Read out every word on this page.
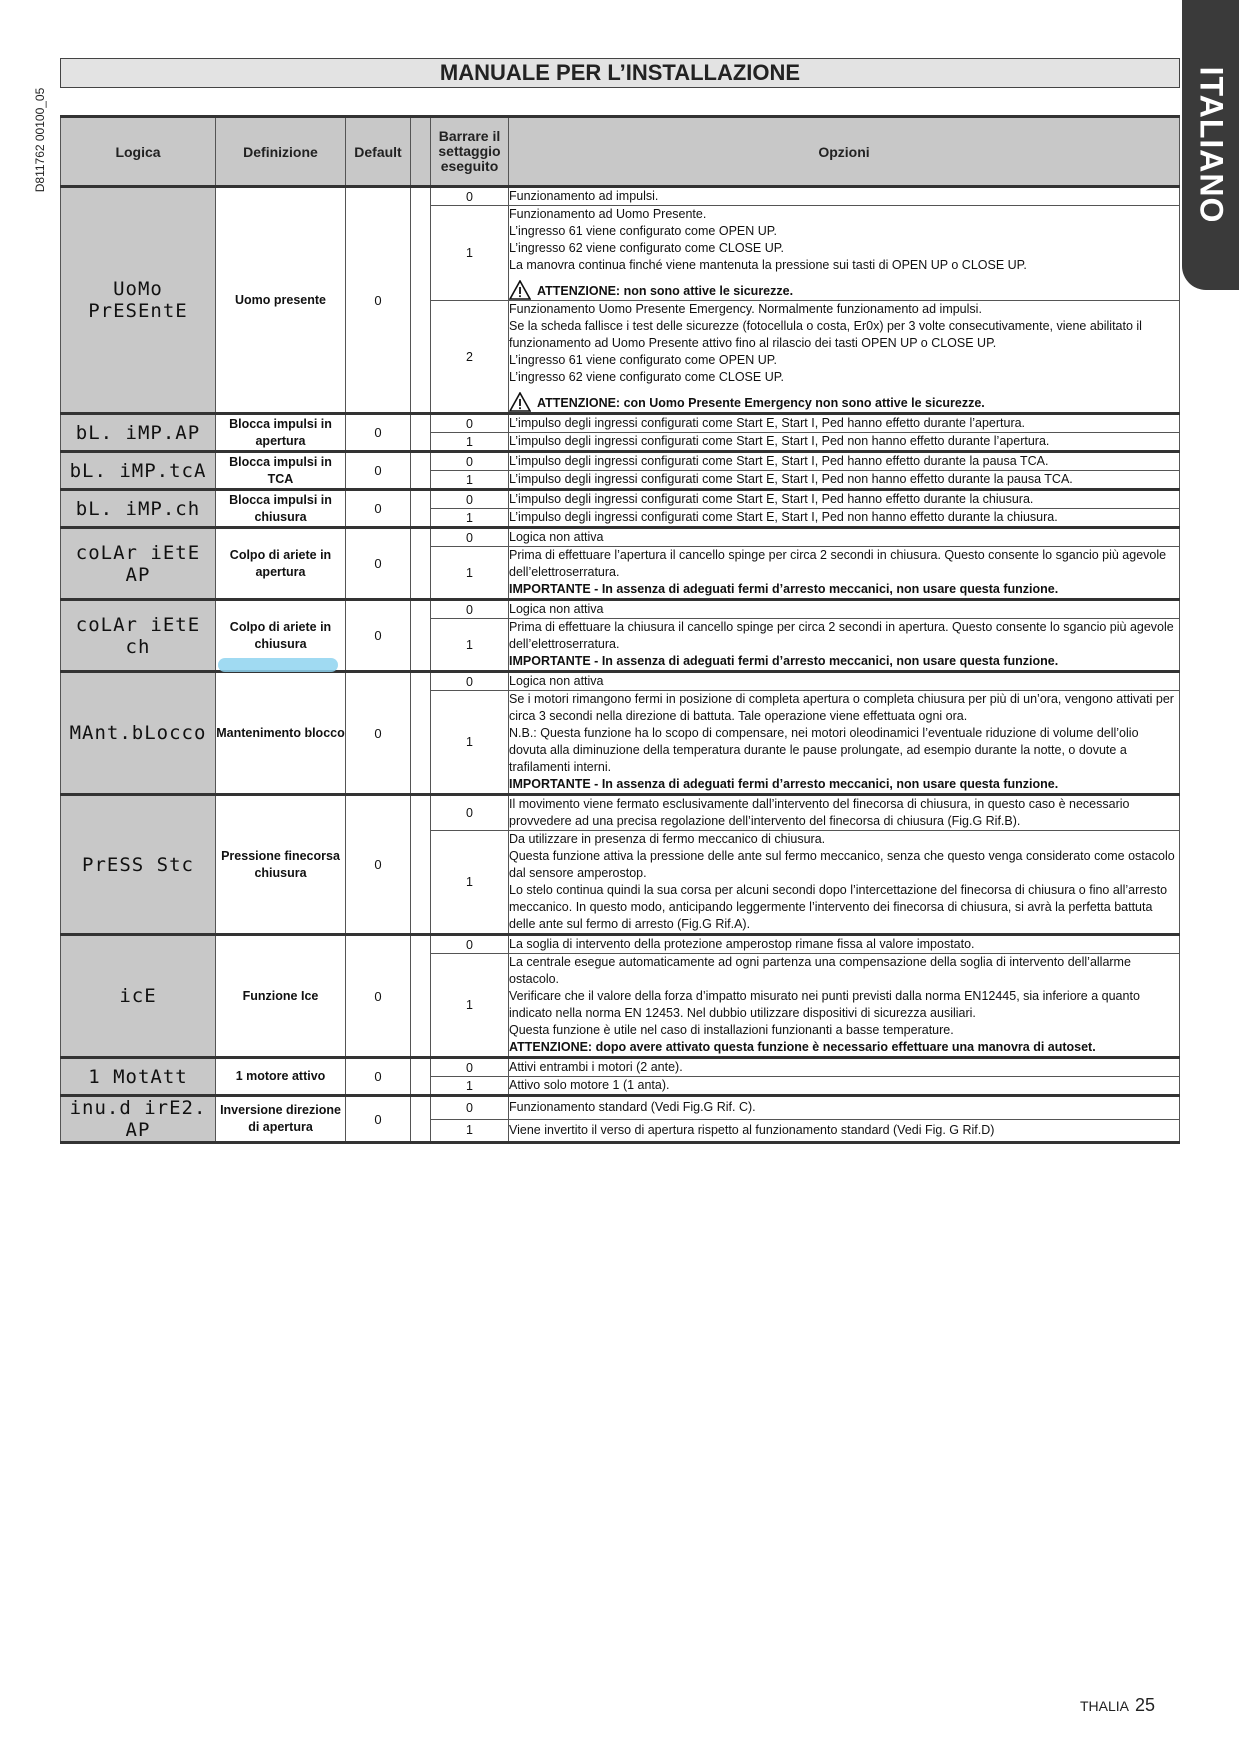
D811762 00100_05	ITALIANO
MANUALE PER L’INSTALLAZIONE
Logica	Definizione	Default		Barrare il settaggio eseguito	Opzioni
UoMo PrESEntE	Uomo presente	0		0	Funzionamento ad impulsi.

				1	Funzionamento ad Uomo Presente.
L’ingresso 61 viene configurato come OPEN UP.
L’ingresso 62 viene configurato come CLOSE UP.
La manovra continua finché viene mantenuta la pressione sui tasti di OPEN UP o CLOSE UP.
ATTENZIONE: non sono attive le sicurezze.

				2	Funzionamento Uomo Presente Emergency. Normalmente funzionamento ad impulsi.
Se la scheda fallisce i test delle sicurezze (fotocellula o costa, Er0x) per 3 volte consecutivamente, viene abilitato il funzionamento ad Uomo Presente attivo fino al rilascio dei tasti OPEN UP o CLOSE UP.
L’ingresso 61 viene configurato come OPEN UP.
L’ingresso 62 viene configurato come CLOSE UP.
ATTENZIONE: con Uomo Presente Emergency non sono attive le sicurezze.

bL. iMP.AP	Blocca impulsi in apertura	0		0	L’impulso degli ingressi configurati come Start E, Start I, Ped hanno effetto durante l’apertura.

				1	L’impulso degli ingressi configurati come Start E, Start I, Ped non hanno effetto durante l’apertura.

bL. iMP.tcA	Blocca impulsi in TCA	0		0	L’impulso degli ingressi configurati come Start E, Start I, Ped hanno effetto durante la pausa TCA.

				1	L’impulso degli ingressi configurati come Start E, Start I, Ped non hanno effetto durante la pausa TCA.

bL. iMP.ch	Blocca impulsi in chiusura	0		0	L’impulso degli ingressi configurati come Start E, Start I, Ped hanno effetto durante la chiusura.

				1	L’impulso degli ingressi configurati come Start E, Start I, Ped non hanno effetto durante la chiusura.

coLAr iEtE AP	Colpo di ariete in apertura	0		0	Logica non attiva

				1	Prima di effettuare l’apertura il cancello spinge per circa 2 secondi in chiusura. Questo consente lo sgancio più agevole dell’elettroserratura.
IMPORTANTE - In assenza di adeguati fermi d’arresto meccanici, non usare questa funzione.

coLAr iEtE ch	Colpo di ariete in chiusura	0		0	Logica non attiva

				1	Prima di effettuare la chiusura il cancello spinge per circa 2 secondi in apertura. Questo consente lo sgancio più agevole dell’elettroserratura.
IMPORTANTE - In assenza di adeguati fermi d’arresto meccanici, non usare questa funzione.

MAnt.bLocco	Mantenimento blocco	0		0	Logica non attiva

				1	Se i motori rimangono fermi in posizione di completa apertura o completa chiusura per più di un’ora, vengono attivati per circa 3 secondi nella direzione di battuta. Tale operazione viene effettuata ogni ora.
N.B.: Questa funzione ha lo scopo di compensare, nei motori oleodinamici l’eventuale riduzione di volume dell’olio dovuta alla diminuzione della temperatura durante le pause prolungate, ad esempio durante la notte, o dovute a trafilamenti interni.
IMPORTANTE - In assenza di adeguati fermi d’arresto meccanici, non usare questa funzione.

PrESS Stc	Pressione finecorsa chiusura	0		0	Il movimento viene fermato esclusivamente dall’intervento del finecorsa di chiusura, in questo caso è necessario provvedere ad una precisa regolazione dell’intervento del finecorsa di chiusura (Fig.G Rif.B).

				1	Da utilizzare in presenza di fermo meccanico di chiusura.
Questa funzione attiva la pressione delle ante sul fermo meccanico, senza che questo venga considerato come ostacolo dal sensore amperostop.
Lo stelo continua quindi la sua corsa per alcuni secondi dopo l’intercettazione del finecorsa di chiusura o fino all’arresto meccanico. In questo modo, anticipando leggermente l’intervento dei finecorsa di chiusura, si avrà la perfetta battuta delle ante sul fermo di arresto (Fig.G Rif.A).

icE	Funzione Ice	0		0	La soglia di intervento della protezione amperostop rimane fissa al valore impostato.

				1	La centrale esegue automaticamente ad ogni partenza una compensazione della soglia di intervento dell’allarme ostacolo.
Verificare che il valore della forza d’impatto misurato nei punti previsti dalla norma EN12445, sia inferiore a quanto indicato nella norma EN 12453. Nel dubbio utilizzare dispositivi di sicurezza ausiliari.
Questa funzione è utile nel caso di installazioni funzionanti a basse temperature.
ATTENZIONE: dopo avere attivato questa funzione è necessario effettuare una manovra di autoset.

1 MotAtt	1 motore attivo	0		0	Attivi entrambi i motori (2 ante).

				1	Attivo solo motore 1 (1 anta).

inu.d irE2. AP	Inversione direzione di apertura	0		0	Funzionamento standard (Vedi Fig.G Rif. C).

				1	Viene invertito il verso di apertura rispetto al funzionamento standard (Vedi Fig. G Rif.D)
THALIA 25
